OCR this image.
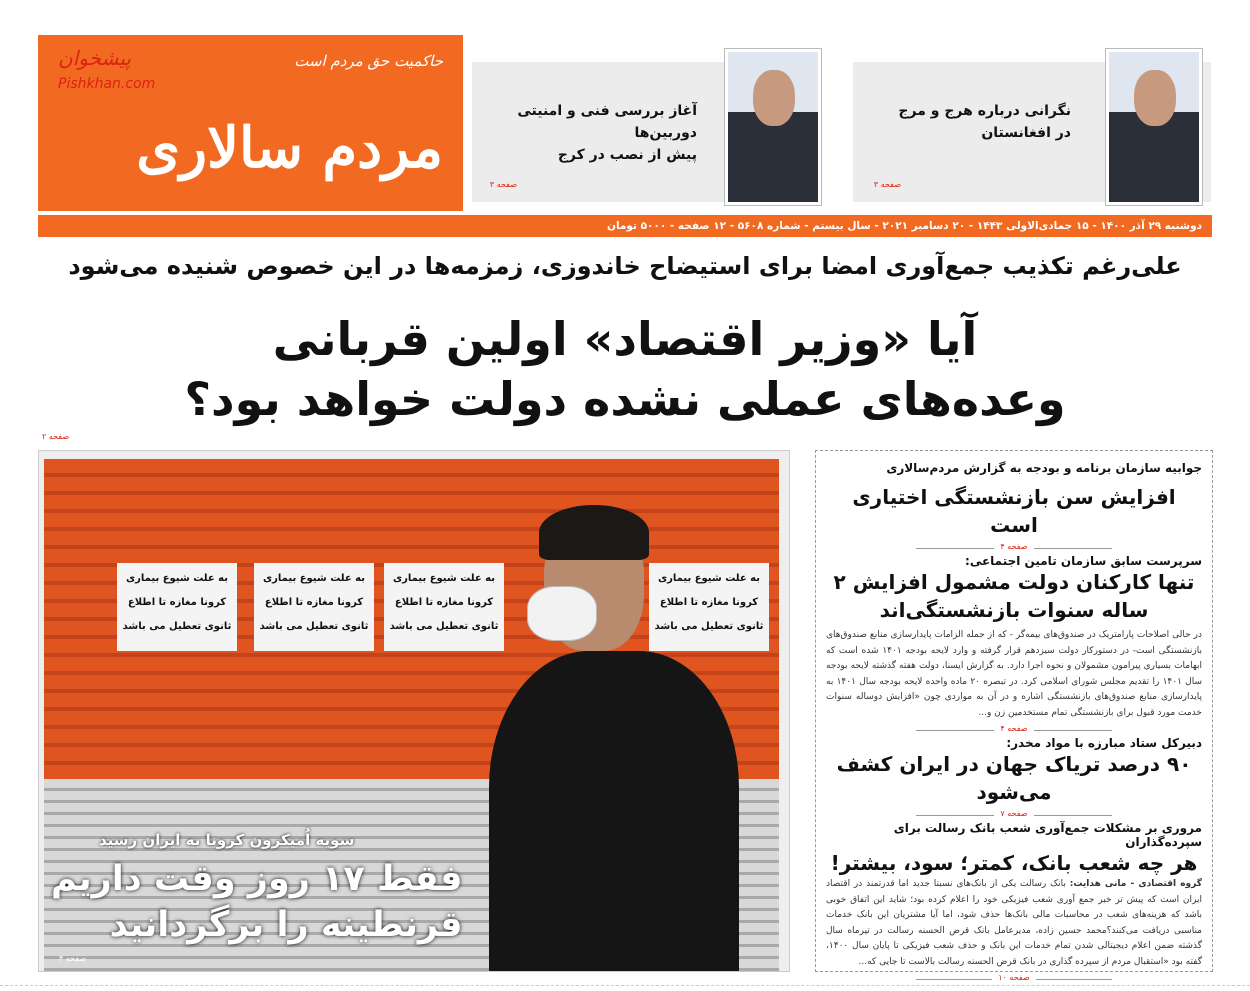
حاکمیت حق مردم است
پیشخوان
Pishkhan.com
مردم سالاری
نگرانی درباره هرج و مرج
در افغانستان
صفحه ۳
آغاز بررسی فنی و امنیتی دوربین‌ها
پیش از نصب در کرج
صفحه ۳
دوشنبه ۲۹ آذر ۱۴۰۰ - ۱۵ جمادی‌الاولی ۱۴۴۳ - ۲۰ دسامبر ۲۰۲۱ - سال بیستم - شماره ۵۶۰۸ - ۱۲ صفحه - ۵۰۰۰ تومان
علی‌رغم تکذیب جمع‌آوری امضا برای استیضاح خاندوزی، زمزمه‌ها در این خصوص شنیده می‌شود
آیا «وزیر اقتصاد» اولین قربانی
وعده‌های عملی نشده دولت خواهد بود؟
صفحه ۲
به علت شیوع بیماری
کرونا مغازه تا اطلاع
ثانوی تعطیل می باشد
به علت شیوع بیماری
کرونا مغازه تا اطلاع
ثانوی تعطیل می باشد
به علت شیوع بیماری
کرونا مغازه تا اطلاع
ثانوی تعطیل می باشد
به علت شیوع بیماری
کرونا مغازه تا اطلاع
ثانوی تعطیل می باشد
سویه اُمیکرون کرونا به ایران رسید
فقط ۱۷ روز وقت داریم
قرنطینه را برگردانید
صفحه ۴
جوابیه سازمان برنامه و بودجه به گزارش مردم‌سالاری
افزایش سن بازنشستگی اختیاری است
صفحه ۴
سرپرست سابق سازمان تامین اجتماعی:
تنها کارکنان دولت مشمول افزایش ۲ ساله سنوات بازنشستگی‌اند
در حالی اصلاحات پارامتریک در صندوق‌های بیمه‌گر - که از جمله الزامات پایدارسازی منابع صندوق‌های بازنشستگی است- در دستورکار دولت سیزدهم قرار گرفته و وارد لایحه بودجه ۱۴۰۱ شده است که ابهامات بسیاری پیرامون مشمولان و نحوه اجرا دارد. به گزارش ایسنا، دولت هفته گذشته لایحه بودجه سال ۱۴۰۱ را تقدیم مجلس شورای اسلامی کرد. در تبصره ۲۰ ماده واحده لایحه بودجه سال ۱۴۰۱ به پایدارسازی منابع صندوق‌های بازنشستگی اشاره و در آن به مواردی چون «افزایش دوساله سنوات خدمت مورد قبول برای بازنشستگی تمام مستخدمین زن و...
صفحه ۴
دبیرکل ستاد مبارزه با مواد مخدر:
۹۰ درصد تریاک جهان در ایران کشف می‌شود
صفحه ۷
مروری بر مشکلات جمع‌آوری شعب بانک رسالت برای سپرده‌گذاران
هر چه شعب بانک، کمتر؛ سود، بیشتر!
گروه اقتصادی - مانی هدایت: بانک رسالت یکی از بانک‌های نسبتا جدید اما قدرتمند در اقتصاد ایران است که پیش تر خبر جمع آوری شعب فیزیکی خود را اعلام کرده بود؛ شاید این اتفاق خوبی باشد که هزینه‌های شعب در محاسبات مالی بانک‌ها حذف شود، اما آیا مشتریان این بانک خدمات مناسبی دریافت می‌کنند؟محمد حسین زاده، مدیرعامل بانک قرض الحسنه رسالت در تیرماه سال گذشته ضمن اعلام دیجیتالی شدن تمام خدمات این بانک و حذف شعب فیزیکی تا پایان سال ۱۴۰۰، گفته بود «استقبال مردم از سپرده گذاری در بانک قرض الحسنه رسالت بالاست تا جایی که...
صفحه ۱۰
